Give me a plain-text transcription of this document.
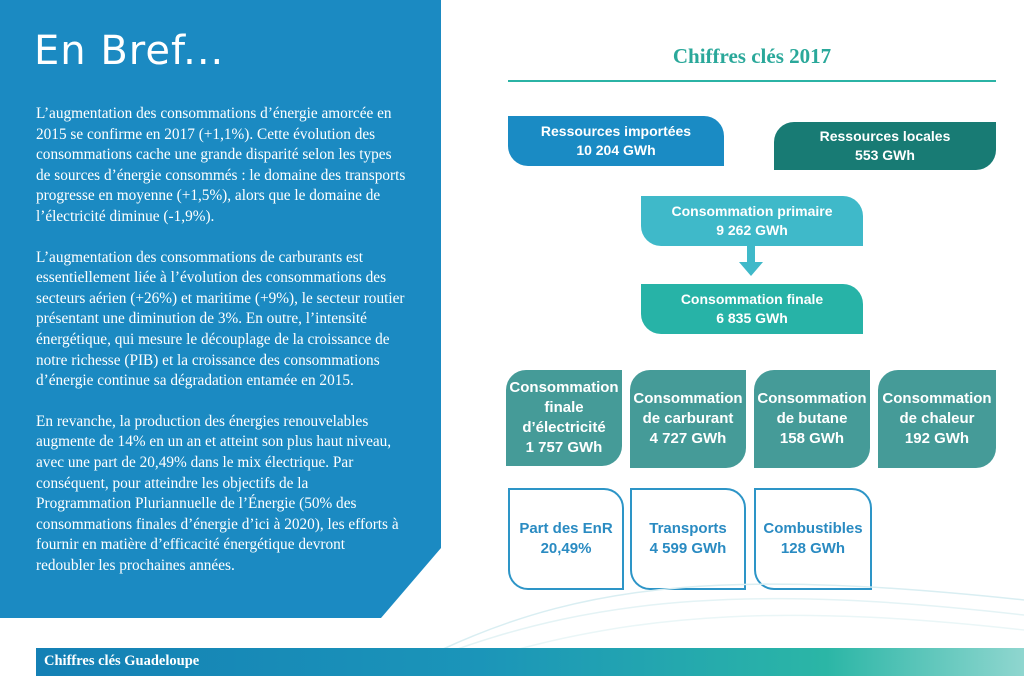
En Bref...

L’augmentation des consommations d’énergie amorcée en 2015 se confirme en 2017 (+1,1%). Cette évolution des consommations cache une grande disparité selon les types de sources d’énergie consommés : le domaine des transports progresse en moyenne (+1,5%), alors que le domaine de l’électricité diminue (-1,9%).

L’augmentation des consommations de carburants est essentiellement liée à l’évolution des consommations des secteurs aérien (+26%) et maritime (+9%), le secteur routier présentant une diminution de 3%. En outre, l’intensité énergétique, qui mesure le découplage de la croissance de notre richesse (PIB) et la croissance des consommations d’énergie continue sa dégradation entamée en 2015.

En revanche, la production des énergies renouvelables augmente de 14% en un an et atteint son plus haut niveau, avec une part de 20,49% dans le mix électrique. Par conséquent, pour atteindre les objectifs de la Programmation Pluriannuelle de l’Énergie (50% des consommations finales d’énergie d’ici à 2020), les efforts à fournir en matière d’efficacité énergétique devront redoubler les prochaines années.

Chiffres clés 2017
Ressources importées
10 204 GWh
Ressources locales
553 GWh
Consommation primaire
9 262 GWh
Consommation finale
6 835 GWh
Consommation
finale
d’électricité
1 757 GWh
Consommation
de carburant
4 727 GWh
Consommation
de butane
158 GWh
Consommation
de chaleur
192 GWh
Part des EnR
20,49%
Transports
4 599 GWh
Combustibles
128 GWh
Chiffres clés Guadeloupe
